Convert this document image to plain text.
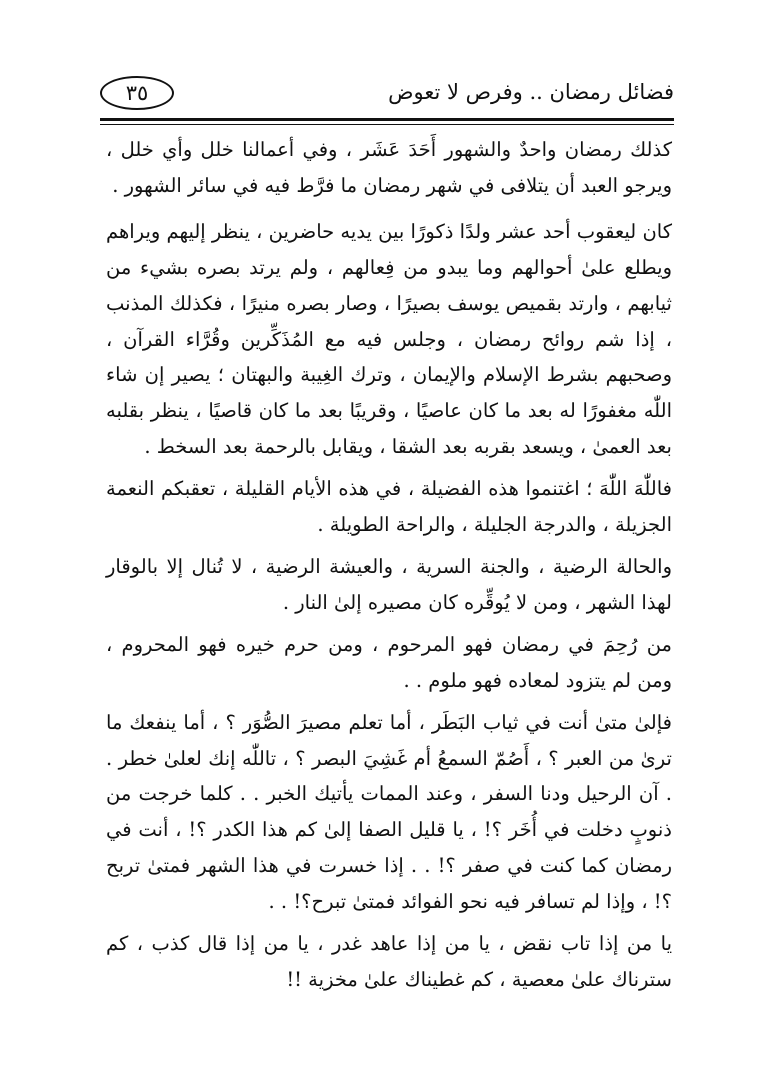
فضائل رمضان .. وفرص لا تعوض
٣٥

كذلك رمضان واحدٌ والشهور أَحَدَ عَشَر ، وفي أعمالنا خلل وأي خلل ، ويرجو العبد أن يتلافى في شهر رمضان ما فرَّط فيه في سائر الشهور .

كان ليعقوب أحد عشر ولدًا ذكورًا بين يديه حاضرين ، ينظر إليهم ويراهم ويطلع علىٰ أحوالهم وما يبدو من فِعالهم ، ولم يرتد بصره بشيء من ثيابهم ، وارتد بقميص يوسف بصيرًا ، وصار بصره منيرًا ، فكذلك المذنب ، إذا شم روائح رمضان ، وجلس فيه مع المُذَكِّرين وقُرَّاء القرآن ، وصحبهم بشرط الإسلام والإيمان ، وترك الغِيبة والبهتان ؛ يصير إن شاء اللّٰه مغفورًا له بعد ما كان عاصيًا ، وقريبًا بعد ما كان قاصيًا ، ينظر بقلبه بعد العمىٰ ، ويسعد بقربه بعد الشقا ، ويقابل بالرحمة بعد السخط .

فاللّٰهَ اللّٰهَ ؛ اغتنموا هذه الفضيلة ، في هذه الأيام القليلة ، تعقبكم النعمة الجزيلة ، والدرجة الجليلة ، والراحة الطويلة .

والحالة الرضية ، والجنة السرية ، والعيشة الرضية ، لا تُنال إلا بالوقار لهذا الشهر ، ومن لا يُوقِّره كان مصيره إلىٰ النار .

من رُحِمَ في رمضان فهو المرحوم ، ومن حرم خيره فهو المحروم ، ومن لم يتزود لمعاده فهو ملوم . .

فإلىٰ متىٰ أنت في ثياب البَطَر ، أما تعلم مصيرَ الصُّوَر ؟ ، أما ينفعك ما ترىٰ من العبر ؟ ، أَصُمّ السمعُ أم غَشِيَ البصر ؟ ، تاللّٰه إنك لعلىٰ خطر . . آن الرحيل ودنا السفر ، وعند الممات يأتيك الخبر . . كلما خرجت من ذنوبٍ دخلت في أُخَر ؟! ، يا قليل الصفا إلىٰ كم هذا الكدر ؟! ، أنت في رمضان كما كنت في صفر ؟! . . إذا خسرت في هذا الشهر فمتىٰ تربح ؟! ، وإذا لم تسافر فيه نحو الفوائد فمتىٰ تبرح؟! . .

يا من إذا تاب نقض ، يا من إذا عاهد غدر ، يا من إذا قال كذب ، كم سترناك علىٰ معصية ، كم غطيناك علىٰ مخزية !!
